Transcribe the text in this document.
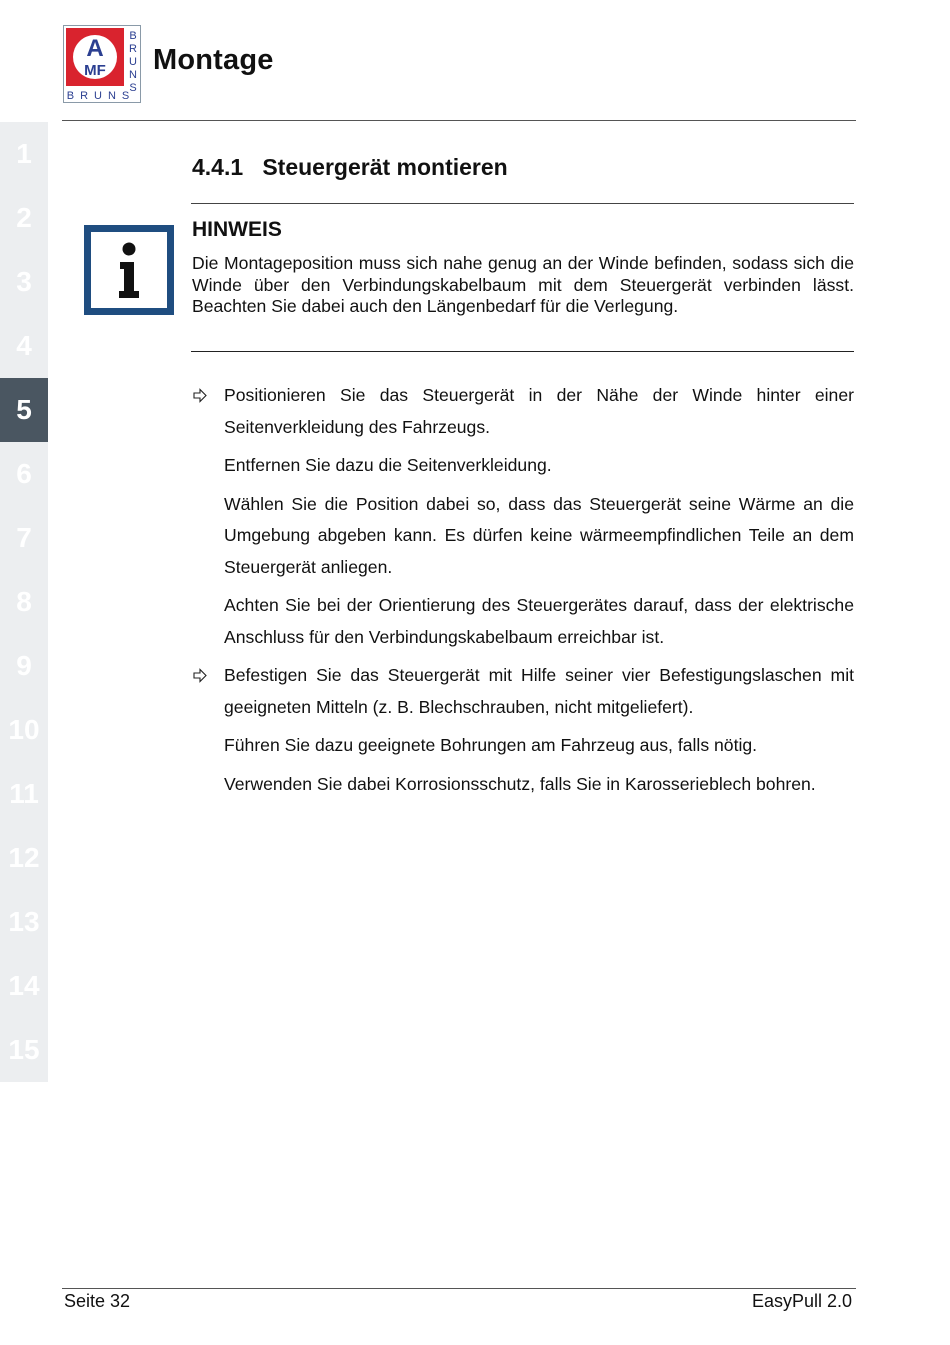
A
MF
B
R
U
N
S
BRUNS
Montage
1
2
3
4
5
6
7
8
9
10
11
12
13
14
15
4.4.1 Steuergerät montieren
HINWEIS
Die Montageposition muss sich nahe genug an der Winde befinden, sodass sich die Winde über den Verbindungskabelbaum mit dem Steuergerät verbinden lässt. Beachten Sie dabei auch den Längenbedarf für die Verlegung.
Positionieren Sie das Steuergerät in der Nähe der Winde hinter einer Seitenverkleidung des Fahrzeugs.
Entfernen Sie dazu die Seitenverkleidung.
Wählen Sie die Position dabei so, dass das Steuergerät seine Wärme an die Umgebung abgeben kann. Es dürfen keine wärmeempfindlichen Teile an dem Steuergerät anliegen.
Achten Sie bei der Orientierung des Steuergerätes darauf, dass der elektrische Anschluss für den Verbindungskabelbaum erreichbar ist.
Befestigen Sie das Steuergerät mit Hilfe seiner vier Befestigungslaschen mit geeigneten Mitteln (z. B. Blechschrauben, nicht mitgeliefert).
Führen Sie dazu geeignete Bohrungen am Fahrzeug aus, falls nötig.
Verwenden Sie dabei Korrosionsschutz, falls Sie in Karosserieblech bohren.
Seite 32	EasyPull 2.0
